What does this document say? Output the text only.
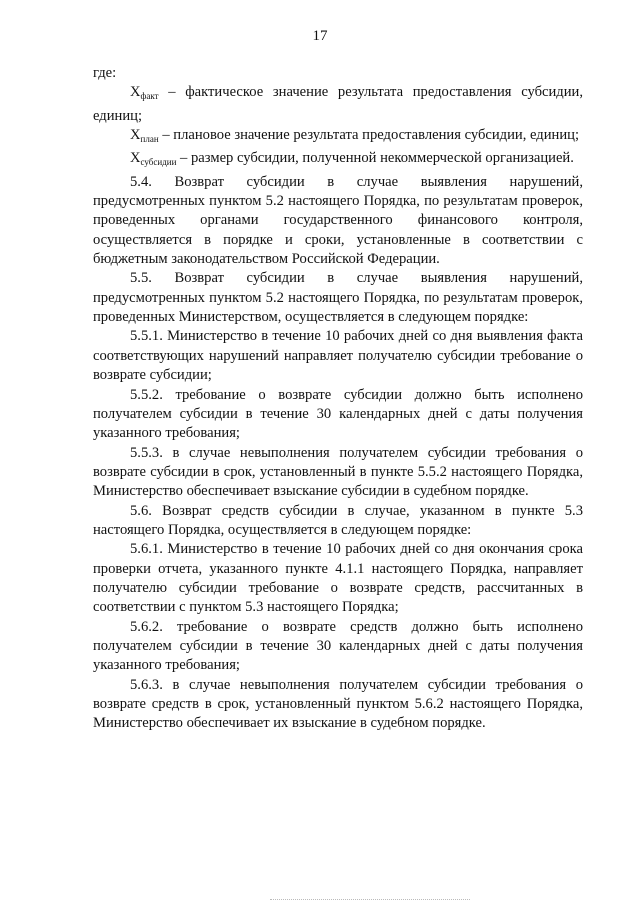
17

где:

$Х_{факт}$ – фактическое значение результата предоставления субсидии, единиц;

$Х_{план}$ – плановое значение результата предоставления субсидии, единиц;

$Х_{субсидии}$ – размер субсидии, полученной некоммерческой организацией.

5.4. Возврат субсидии в случае выявления нарушений, предусмотренных пунктом 5.2 настоящего Порядка, по результатам проверок, проведенных органами государственного финансового контроля, осуществляется в порядке и сроки, установленные в соответствии с бюджетным законодательством Российской Федерации.

5.5. Возврат субсидии в случае выявления нарушений, предусмотренных пунктом 5.2 настоящего Порядка, по результатам проверок, проведенных Министерством, осуществляется в следующем порядке:

5.5.1. Министерство в течение 10 рабочих дней со дня выявления факта соответствующих нарушений направляет получателю субсидии требование о возврате субсидии;

5.5.2. требование о возврате субсидии должно быть исполнено получателем субсидии в течение 30 календарных дней с даты получения указанного требования;

5.5.3. в случае невыполнения получателем субсидии требования о возврате субсидии в срок, установленный в пункте 5.5.2 настоящего Порядка, Министерство обеспечивает взыскание субсидии в судебном порядке.

5.6. Возврат средств субсидии в случае, указанном в пункте 5.3 настоящего Порядка, осуществляется в следующем порядке:

5.6.1. Министерство в течение 10 рабочих дней со дня окончания срока проверки отчета, указанного пункте 4.1.1 настоящего Порядка, направляет получателю субсидии требование о возврате средств, рассчитанных в соответствии с пунктом 5.3 настоящего Порядка;

5.6.2. требование о возврате средств должно быть исполнено получателем субсидии в течение 30 календарных дней с даты получения указанного требования;

5.6.3. в случае невыполнения получателем субсидии требования о возврате средств в срок, установленный пунктом 5.6.2 настоящего Порядка, Министерство обеспечивает их взыскание в судебном порядке.
